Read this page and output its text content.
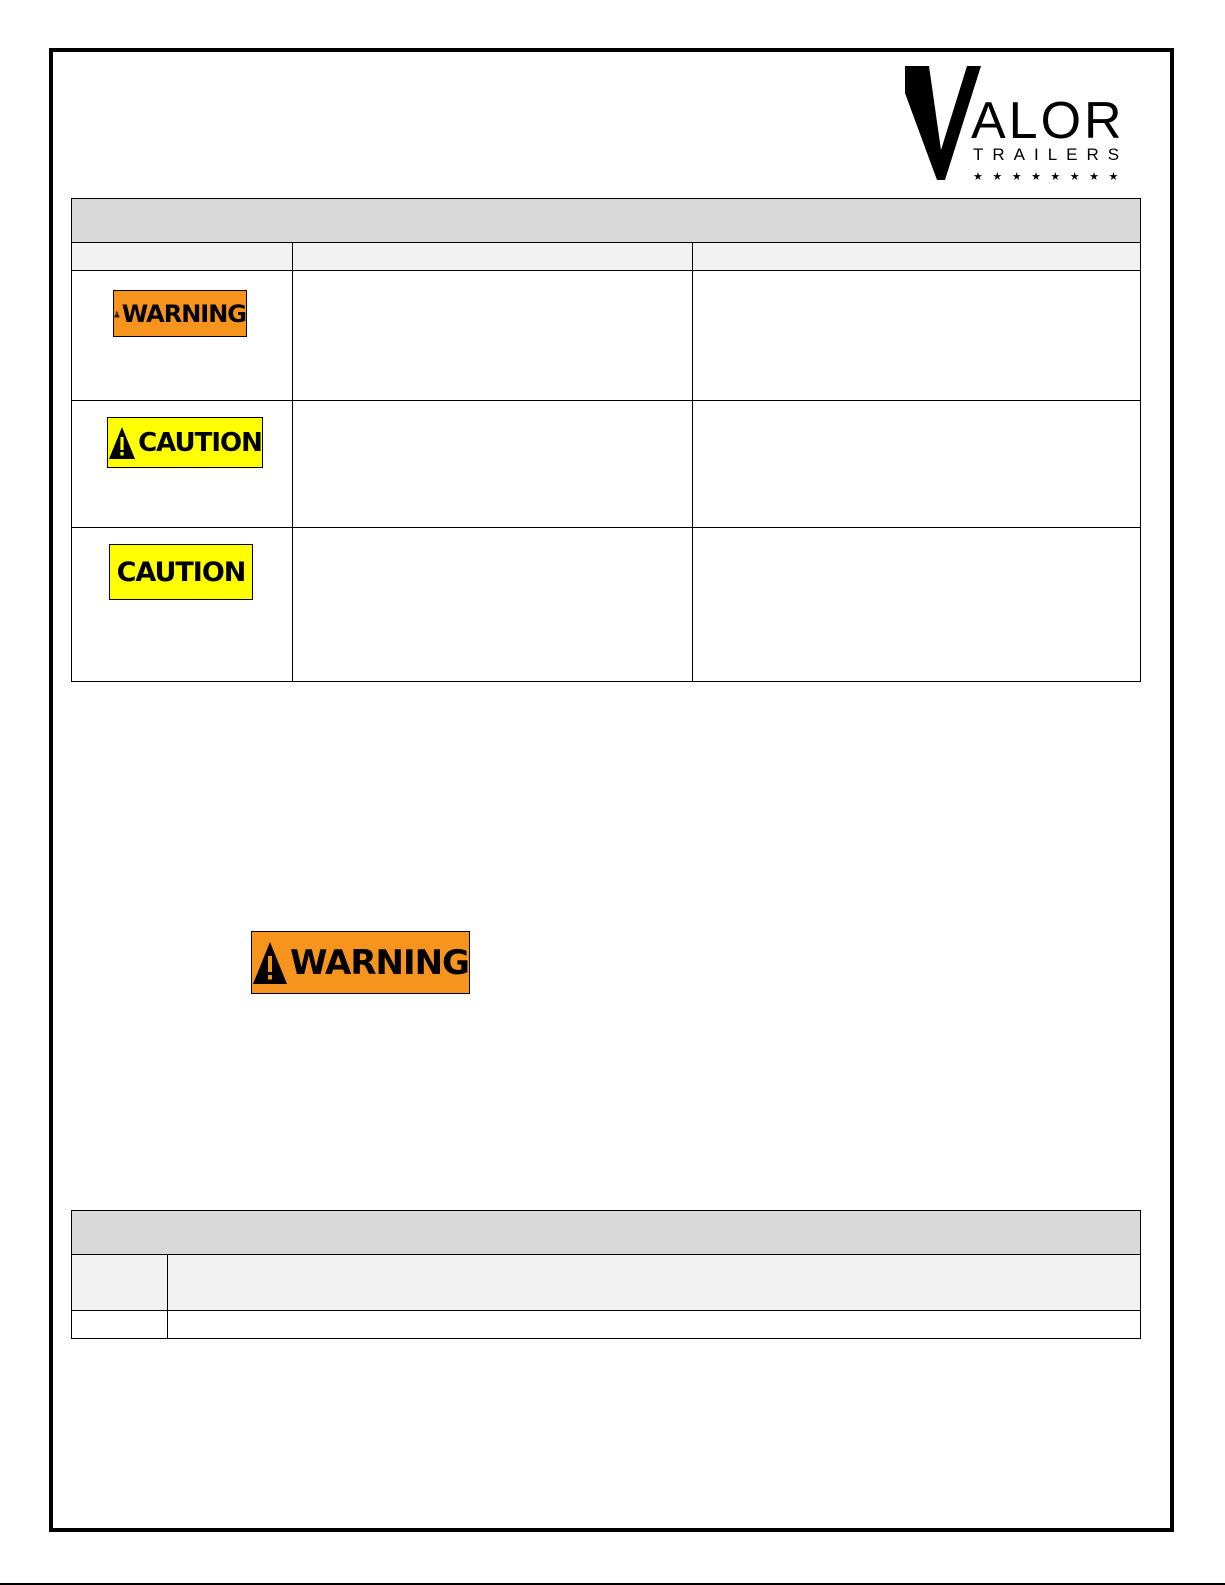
ALOR
TRAILERS
★ ★ ★ ★ ★ ★ ★ ★

WARNING		

CAUTION		

CAUTION		

WARNING
